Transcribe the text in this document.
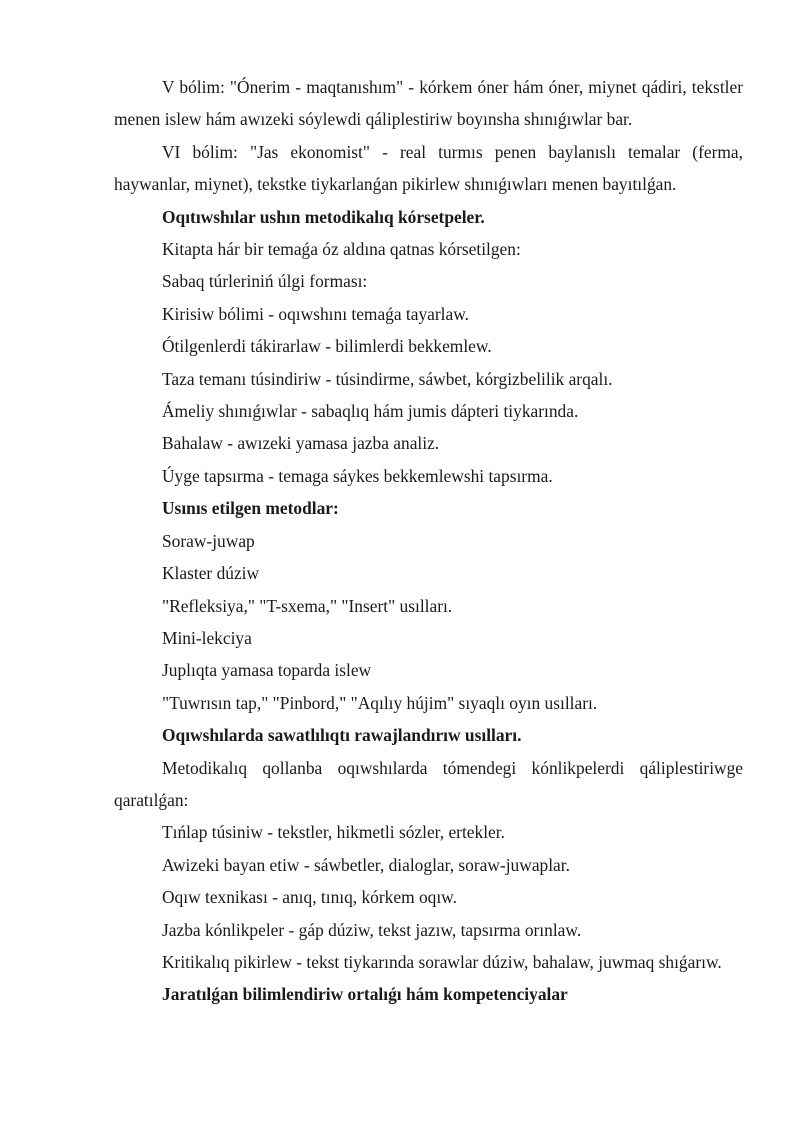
V bólim: "Ónerim - maqtanıshım" - kórkem óner hám óner, miynet qádiri, tekstler menen islew hám awızeki sóylewdi qáliplestiriw boyınsha shınıǵıwlar bar.

VI bólim: "Jas ekonomist" - real turmıs penen baylanıslı temalar (ferma, haywanlar, miynet), tekstke tiykarlanǵan pikirlew shınıǵıwları menen bayıtılǵan.

Oqıtıwshılar ushın metodikalıq kórsetpeler.

Kitapta hár bir temaǵa óz aldına qatnas kórsetilgen:

Sabaq túrleriniń úlgi forması:

Kirisiw bólimi - oqıwshını temaǵa tayarlaw.

Ótilgenlerdi tákirarlaw - bilimlerdi bekkemlew.

Taza temanı túsindiriw - túsindirme, sáwbet, kórgizbelilik arqalı.

Ámeliy shınıǵıwlar - sabaqlıq hám jumis dápteri tiykarında.

Bahalaw - awızeki yamasa jazba analiz.

Úyge tapsırma - temaga sáykes bekkemlewshi tapsırma.

Usınıs etilgen metodlar:

Soraw-juwap

Klaster dúziw

"Refleksiya," "T-sxema," "Insert" usılları.

Mini-lekciya

Juplıqta yamasa toparda islew

"Tuwrısın tap," "Pinbord," "Aqılıy hújim" sıyaqlı oyın usılları.

Oqıwshılarda sawatlılıqtı rawajlandırıw usılları.

Metodikalıq qollanba oqıwshılarda tómendegi kónlikpelerdi qáliplestiriwge qaratılǵan:

Tıńlap túsiniw - tekstler, hikmetli sózler, ertekler.

Awizeki bayan etiw - sáwbetler, dialoglar, soraw-juwaplar.

Oqıw texnikası - anıq, tınıq, kórkem oqıw.

Jazba kónlikpeler - gáp dúziw, tekst jazıw, tapsırma orınlaw.

Kritikalıq pikirlew - tekst tiykarında sorawlar dúziw, bahalaw, juwmaq shıǵarıw.

Jaratılǵan bilimlendiriw ortalıǵı hám kompetenciyalar
